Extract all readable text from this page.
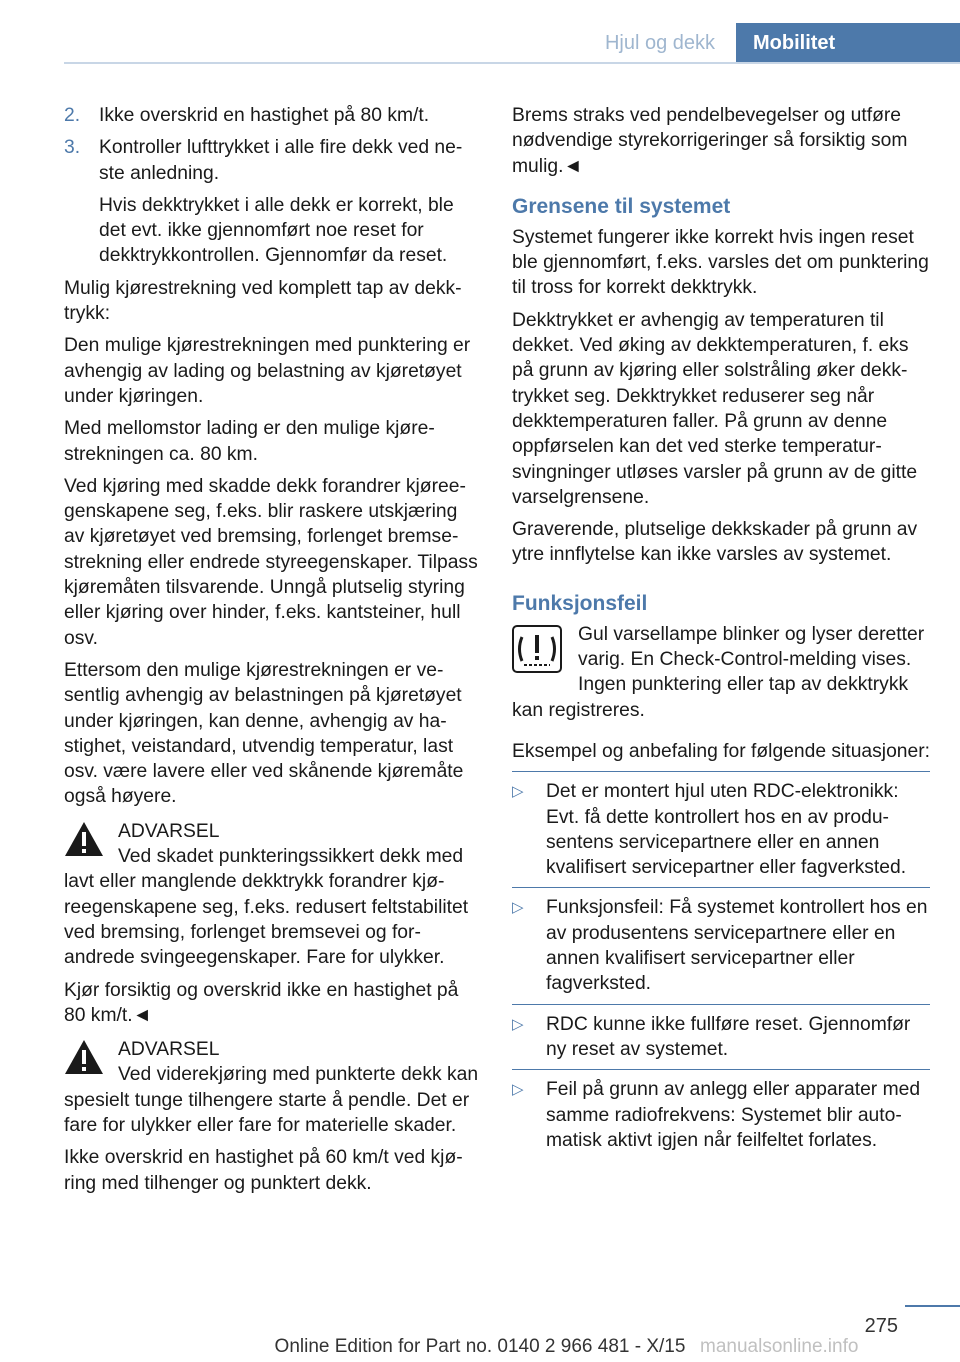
Hjul og dekk	Mobilitet
2. Ikke overskrid en hastighet på 80 km/t.
3. Kontroller lufttrykket i alle fire dekk ved neste anledning.

Hvis dekktrykket i alle dekk er korrekt, ble det evt. ikke gjennomført noe reset for dekktrykkontrollen. Gjennomfør da reset.

Mulig kjørestrekning ved komplett tap av dekktrykk:

Den mulige kjørestrekningen med punktering er avhengig av lading og belastning av kjøretøyet under kjøringen.

Med mellomstor lading er den mulige kjørestrekningen ca. 80 km.

Ved kjøring med skadde dekk forandrer kjøreegenskapene seg, f.eks. blir raskere utskjæring av kjøretøyet ved bremsing, forlenget bremsestrekning eller endrede styreegenskaper. Tilpass kjøremåten tilsvarende. Unngå plutselig styring eller kjøring over hinder, f.eks. kantsteiner, hull osv.

Ettersom den mulige kjørestrekningen er vesentlig avhengig av belastningen på kjøretøyet under kjøringen, kan denne, avhengig av hastighet, veistandard, utvendig temperatur, last osv. være lavere eller ved skånende kjøremåte også høyere.

ADVARSEL
Ved skadet punkteringssikkert dekk med lavt eller manglende dekktrykk forandrer kjøreegenskapene seg, f.eks. redusert feltstabilitet ved bremsing, forlenget bremsevei og forandrede svingeegenskaper. Fare for ulykker.

Kjør forsiktig og overskrid ikke en hastighet på 80 km/t.◄

ADVARSEL
Ved viderekjøring med punkterte dekk kan spesielt tunge tilhengere starte å pendle. Det er fare for ulykker eller fare for materielle skader.

Ikke overskrid en hastighet på 60 km/t ved kjøring med tilhenger og punktert dekk.

Brems straks ved pendelbevegelser og utføre nødvendige styrekorrigeringer så forsiktig som mulig.◄

Grensene til systemet

Systemet fungerer ikke korrekt hvis ingen reset ble gjennomført, f.eks. varsles det om punktering til tross for korrekt dekktrykk.

Dekktrykket er avhengig av temperaturen til dekket. Ved øking av dekktemperaturen, f. eks på grunn av kjøring eller solstråling øker dekktrykket seg. Dekktrykket reduserer seg når dekktemperaturen faller. På grunn av denne oppførselen kan det ved sterke temperatursvingninger utløses varsler på grunn av de gitte varselgrensene.

Graverende, plutselige dekkskader på grunn av ytre innflytelse kan ikke varsles av systemet.

Funksjonsfeil

Gul varsellampe blinker og lyser deretter varig. En Check-Control-melding vises. Ingen punktering eller tap av dekktrykk kan registreres.

Eksempel og anbefaling for følgende situasjoner:

▷ Det er montert hjul uten RDC-elektronikk: Evt. få dette kontrollert hos en av produsentens servicepartnere eller en annen kvalifisert servicepartner eller fagverksted.
▷ Funksjonsfeil: Få systemet kontrollert hos en av produsentens servicepartnere eller en annen kvalifisert servicepartner eller fagverksted.
▷ RDC kunne ikke fullføre reset. Gjennomfør ny reset av systemet.
▷ Feil på grunn av anlegg eller apparater med samme radiofrekvens: Systemet blir automatisk aktivt igjen når feilfeltet forlates.
275
Online Edition for Part no. 0140 2 966 481 - X/15 manualsonline.info
